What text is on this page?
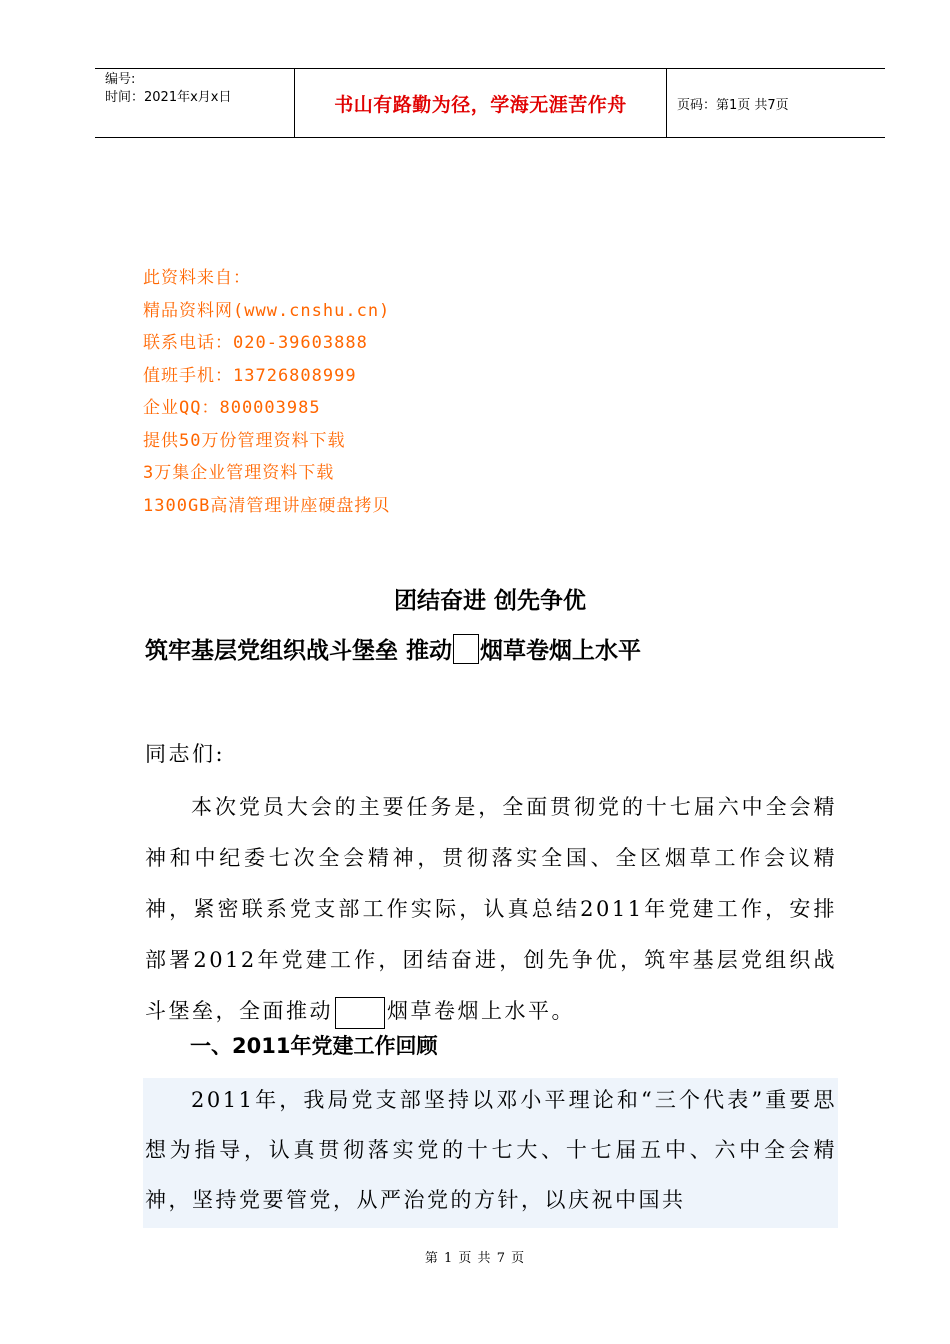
编号:
时间：2021年x月x日	书山有路勤为径，学海无涯苦作舟	页码：第1页 共7页
此资料来自：
精品资料网(www.cnshu.cn)
联系电话：020-39603888
值班手机：13726808999
企业QQ：800003985
提供50万份管理资料下载
3万集企业管理资料下载
1300GB高清管理讲座硬盘拷贝
团结奋进 创先争优
筑牢基层党组织战斗堡垒 推动 烟草卷烟上水平
同志们:
本次党员大会的主要任务是，全面贯彻党的十七届六中全会精神和中纪委七次全会精神，贯彻落实全国、全区烟草工作会议精神，紧密联系党支部工作实际，认真总结2011年党建工作，安排部署2012年党建工作，团结奋进，创先争优，筑牢基层党组织战斗堡垒，全面推动	烟草卷烟上水平。
一、2011年党建工作回顾
2011年，我局党支部坚持以邓小平理论和“三个代表”重要思想为指导，认真贯彻落实党的十七大、十七届五中、六中全会精神，坚持党要管党，从严治党的方针，以庆祝中国共
第 1 页 共 7 页
